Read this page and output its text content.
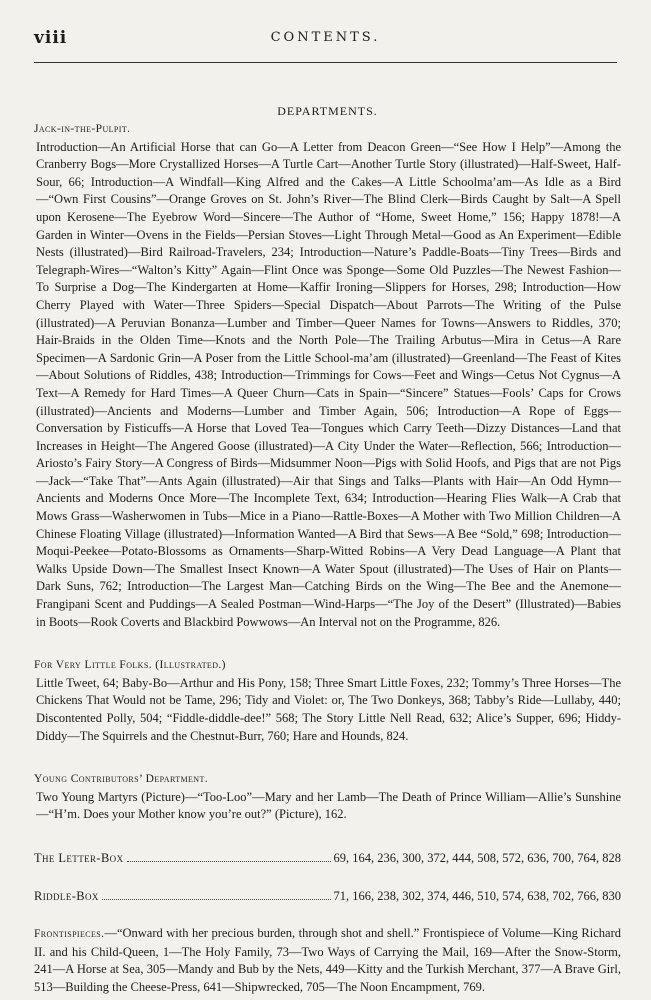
viii	CONTENTS.
DEPARTMENTS.

Jack-in-the-Pulpit.

Introduction—An Artificial Horse that can Go—A Letter from Deacon Green—“See How I Help”—Among the Cranberry Bogs—More Crystallized Horses—A Turtle Cart—Another Turtle Story (illustrated)—Half-Sweet, Half-Sour, 66; Introduction—A Windfall—King Alfred and the Cakes—A Little Schoolma’am—As Idle as a Bird—“Own First Cousins”—Orange Groves on St. John’s River—The Blind Clerk—Birds Caught by Salt—A Spell upon Kerosene—The Eyebrow Word—Sincere—The Author of “Home, Sweet Home,” 156; Happy 1878!—A Garden in Winter—Ovens in the Fields—Persian Stoves—Light Through Metal—Good as An Experiment—Edible Nests (illustrated)—Bird Railroad-Travelers, 234; Introduction—Nature’s Paddle-Boats—Tiny Trees—Birds and Telegraph-Wires—“Walton’s Kitty” Again—Flint Once was Sponge—Some Old Puzzles—The Newest Fashion—To Surprise a Dog—The Kindergarten at Home—Kaffir Ironing—Slippers for Horses, 298; Introduction—How Cherry Played with Water—Three Spiders—Special Dispatch—About Parrots—The Writing of the Pulse (illustrated)—A Peruvian Bonanza—Lumber and Timber—Queer Names for Towns—Answers to Riddles, 370; Hair-Braids in the Olden Time—Knots and the North Pole—The Trailing Arbutus—Mira in Cetus—A Rare Specimen—A Sardonic Grin—A Poser from the Little School-ma’am (illustrated)—Greenland—The Feast of Kites—About Solutions of Riddles, 438; Introduction—Trimmings for Cows—Feet and Wings—Cetus Not Cygnus—A Text—A Remedy for Hard Times—A Queer Churn—Cats in Spain—“Sincere” Statues—Fools’ Caps for Crows (illustrated)—Ancients and Moderns—Lumber and Timber Again, 506; Introduction—A Rope of Eggs—Conversation by Fisticuffs—A Horse that Loved Tea—Tongues which Carry Teeth—Dizzy Distances—Land that Increases in Height—The Angered Goose (illustrated)—A City Under the Water—Reflection, 566; Introduction—Ariosto’s Fairy Story—A Congress of Birds—Midsummer Noon—Pigs with Solid Hoofs, and Pigs that are not Pigs—Jack—“Take That”—Ants Again (illustrated)—Air that Sings and Talks—Plants with Hair—An Odd Hymn—Ancients and Moderns Once More—The Incomplete Text, 634; Introduction—Hearing Flies Walk—A Crab that Mows Grass—Washerwomen in Tubs—Mice in a Piano—Rattle-Boxes—A Mother with Two Million Children—A Chinese Floating Village (illustrated)—Information Wanted—A Bird that Sews—A Bee “Sold,” 698; Introduction—Moqui-Peekee—Potato-Blossoms as Ornaments—Sharp-Witted Robins—A Very Dead Language—A Plant that Walks Upside Down—The Smallest Insect Known—A Water Spout (illustrated)—The Uses of Hair on Plants—Dark Suns, 762; Introduction—The Largest Man—Catching Birds on the Wing—The Bee and the Anemone—Frangipani Scent and Puddings—A Sealed Postman—Wind-Harps—“The Joy of the Desert” (Illustrated)—Babies in Boots—Rook Coverts and Blackbird Powwows—An Interval not on the Programme, 826.

For Very Little Folks. (Illustrated.)

Little Tweet, 64; Baby-Bo—Arthur and His Pony, 158; Three Smart Little Foxes, 232; Tommy’s Three Horses—The Chickens That Would not be Tame, 296; Tidy and Violet: or, The Two Donkeys, 368; Tabby’s Ride—Lullaby, 440; Discontented Polly, 504; “Fiddle-diddle-dee!” 568; The Story Little Nell Read, 632; Alice’s Supper, 696; Hiddy-Diddy—The Squirrels and the Chestnut-Burr, 760; Hare and Hounds, 824.

Young Contributors’ Department.

Two Young Martyrs (Picture)—“Too-Loo”—Mary and her Lamb—The Death of Prince William—Allie’s Sunshine—“H’m. Does your Mother know you’re out?” (Picture), 162.

The Letter-Box	69, 164, 236, 300, 372, 444, 508, 572, 636, 700, 764, 828
Riddle-Box	71, 166, 238, 302, 374, 446, 510, 574, 638, 702, 766, 830

Frontispieces.—“Onward with her precious burden, through shot and shell.” Frontispiece of Volume—King Richard II. and his Child-Queen, 1—The Holy Family, 73—Two Ways of Carrying the Mail, 169—After the Snow-Storm, 241—A Horse at Sea, 305—Mandy and Bub by the Nets, 449—Kitty and the Turkish Merchant, 377—A Brave Girl, 513—Building the Cheese-Press, 641—Shipwrecked, 705—The Noon Encampment, 769.
